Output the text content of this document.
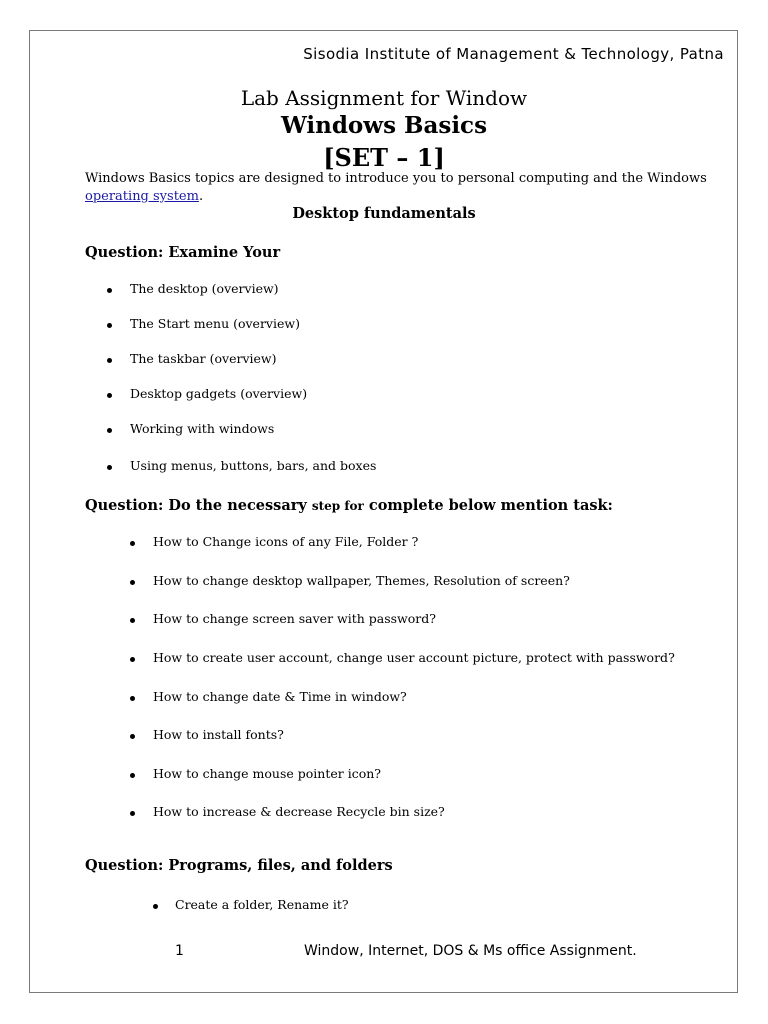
Sisodia Institute of Management & Technology, Patna
Lab Assignment for Window
Windows Basics
[SET – 1]
Windows Basics topics are designed to introduce you to personal computing and the Windows operating system.
Desktop fundamentals
Question: Examine Your
The desktop (overview)
The Start menu (overview)
The taskbar (overview)
Desktop gadgets (overview)
Working with windows
Using menus, buttons, bars, and boxes
Question: Do the necessary step for complete below mention task:
How to Change icons of any File, Folder ?
How to change desktop wallpaper, Themes, Resolution of screen?
How to change screen saver with password?
How to create user account, change user account picture, protect with password?
How to change date & Time in window?
How to install fonts?
How to change mouse pointer icon?
How to increase & decrease Recycle bin size?
Question: Programs, files, and folders
Create a folder, Rename it?
1	Window, Internet, DOS & Ms office Assignment.
